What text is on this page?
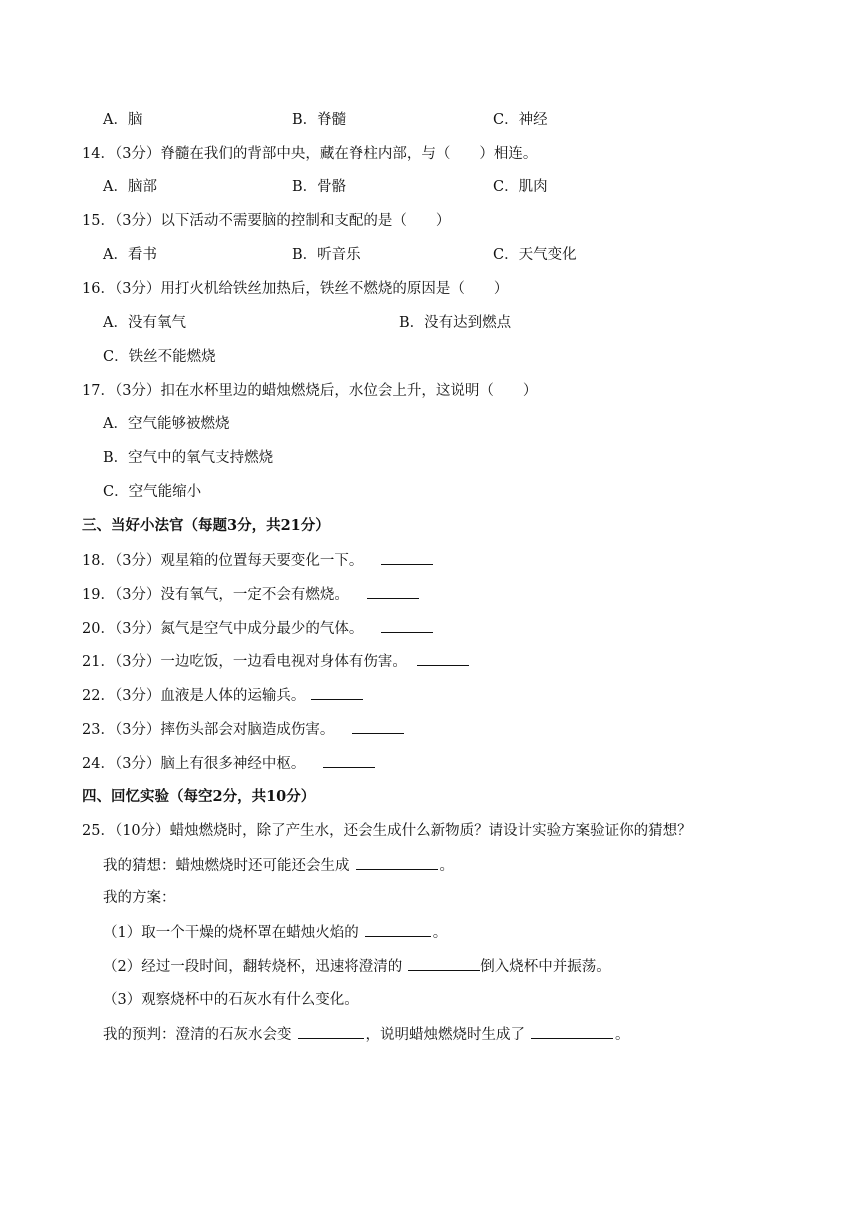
A．脑	B．脊髓	C．神经
14．（3分）脊髓在我们的背部中央，藏在脊柱内部，与（　　）相连。
A．脑部	B．骨骼	C．肌肉
15．（3分）以下活动不需要脑的控制和支配的是（　　）
A．看书	B．听音乐	C．天气变化
16．（3分）用打火机给铁丝加热后，铁丝不燃烧的原因是（　　）
A．没有氧气	B．没有达到燃点
C．铁丝不能燃烧
17．（3分）扣在水杯里边的蜡烛燃烧后，水位会上升，这说明（　　）
A．空气能够被燃烧
B．空气中的氧气支持燃烧
C．空气能缩小
三、当好小法官（每题3分，共21分）
18．（3分）观星箱的位置每天要变化一下。
19．（3分）没有氧气，一定不会有燃烧。
20．（3分）氮气是空气中成分最少的气体。
21．（3分）一边吃饭，一边看电视对身体有伤害。
22．（3分）血液是人体的运输兵。
23．（3分）摔伤头部会对脑造成伤害。
24．（3分）脑上有很多神经中枢。
四、回忆实验（每空2分，共10分）
25．（10分）蜡烛燃烧时，除了产生水，还会生成什么新物质？请设计实验方案验证你的猜想？
我的猜想：蜡烛燃烧时还可能还会生成	。
我的方案：
（1）取一个干燥的烧杯罩在蜡烛火焰的	。
（2）经过一段时间，翻转烧杯，迅速将澄清的	倒入烧杯中并振荡。
（3）观察烧杯中的石灰水有什么变化。
我的预判：澄清的石灰水会变	，说明蜡烛燃烧时生成了	。
